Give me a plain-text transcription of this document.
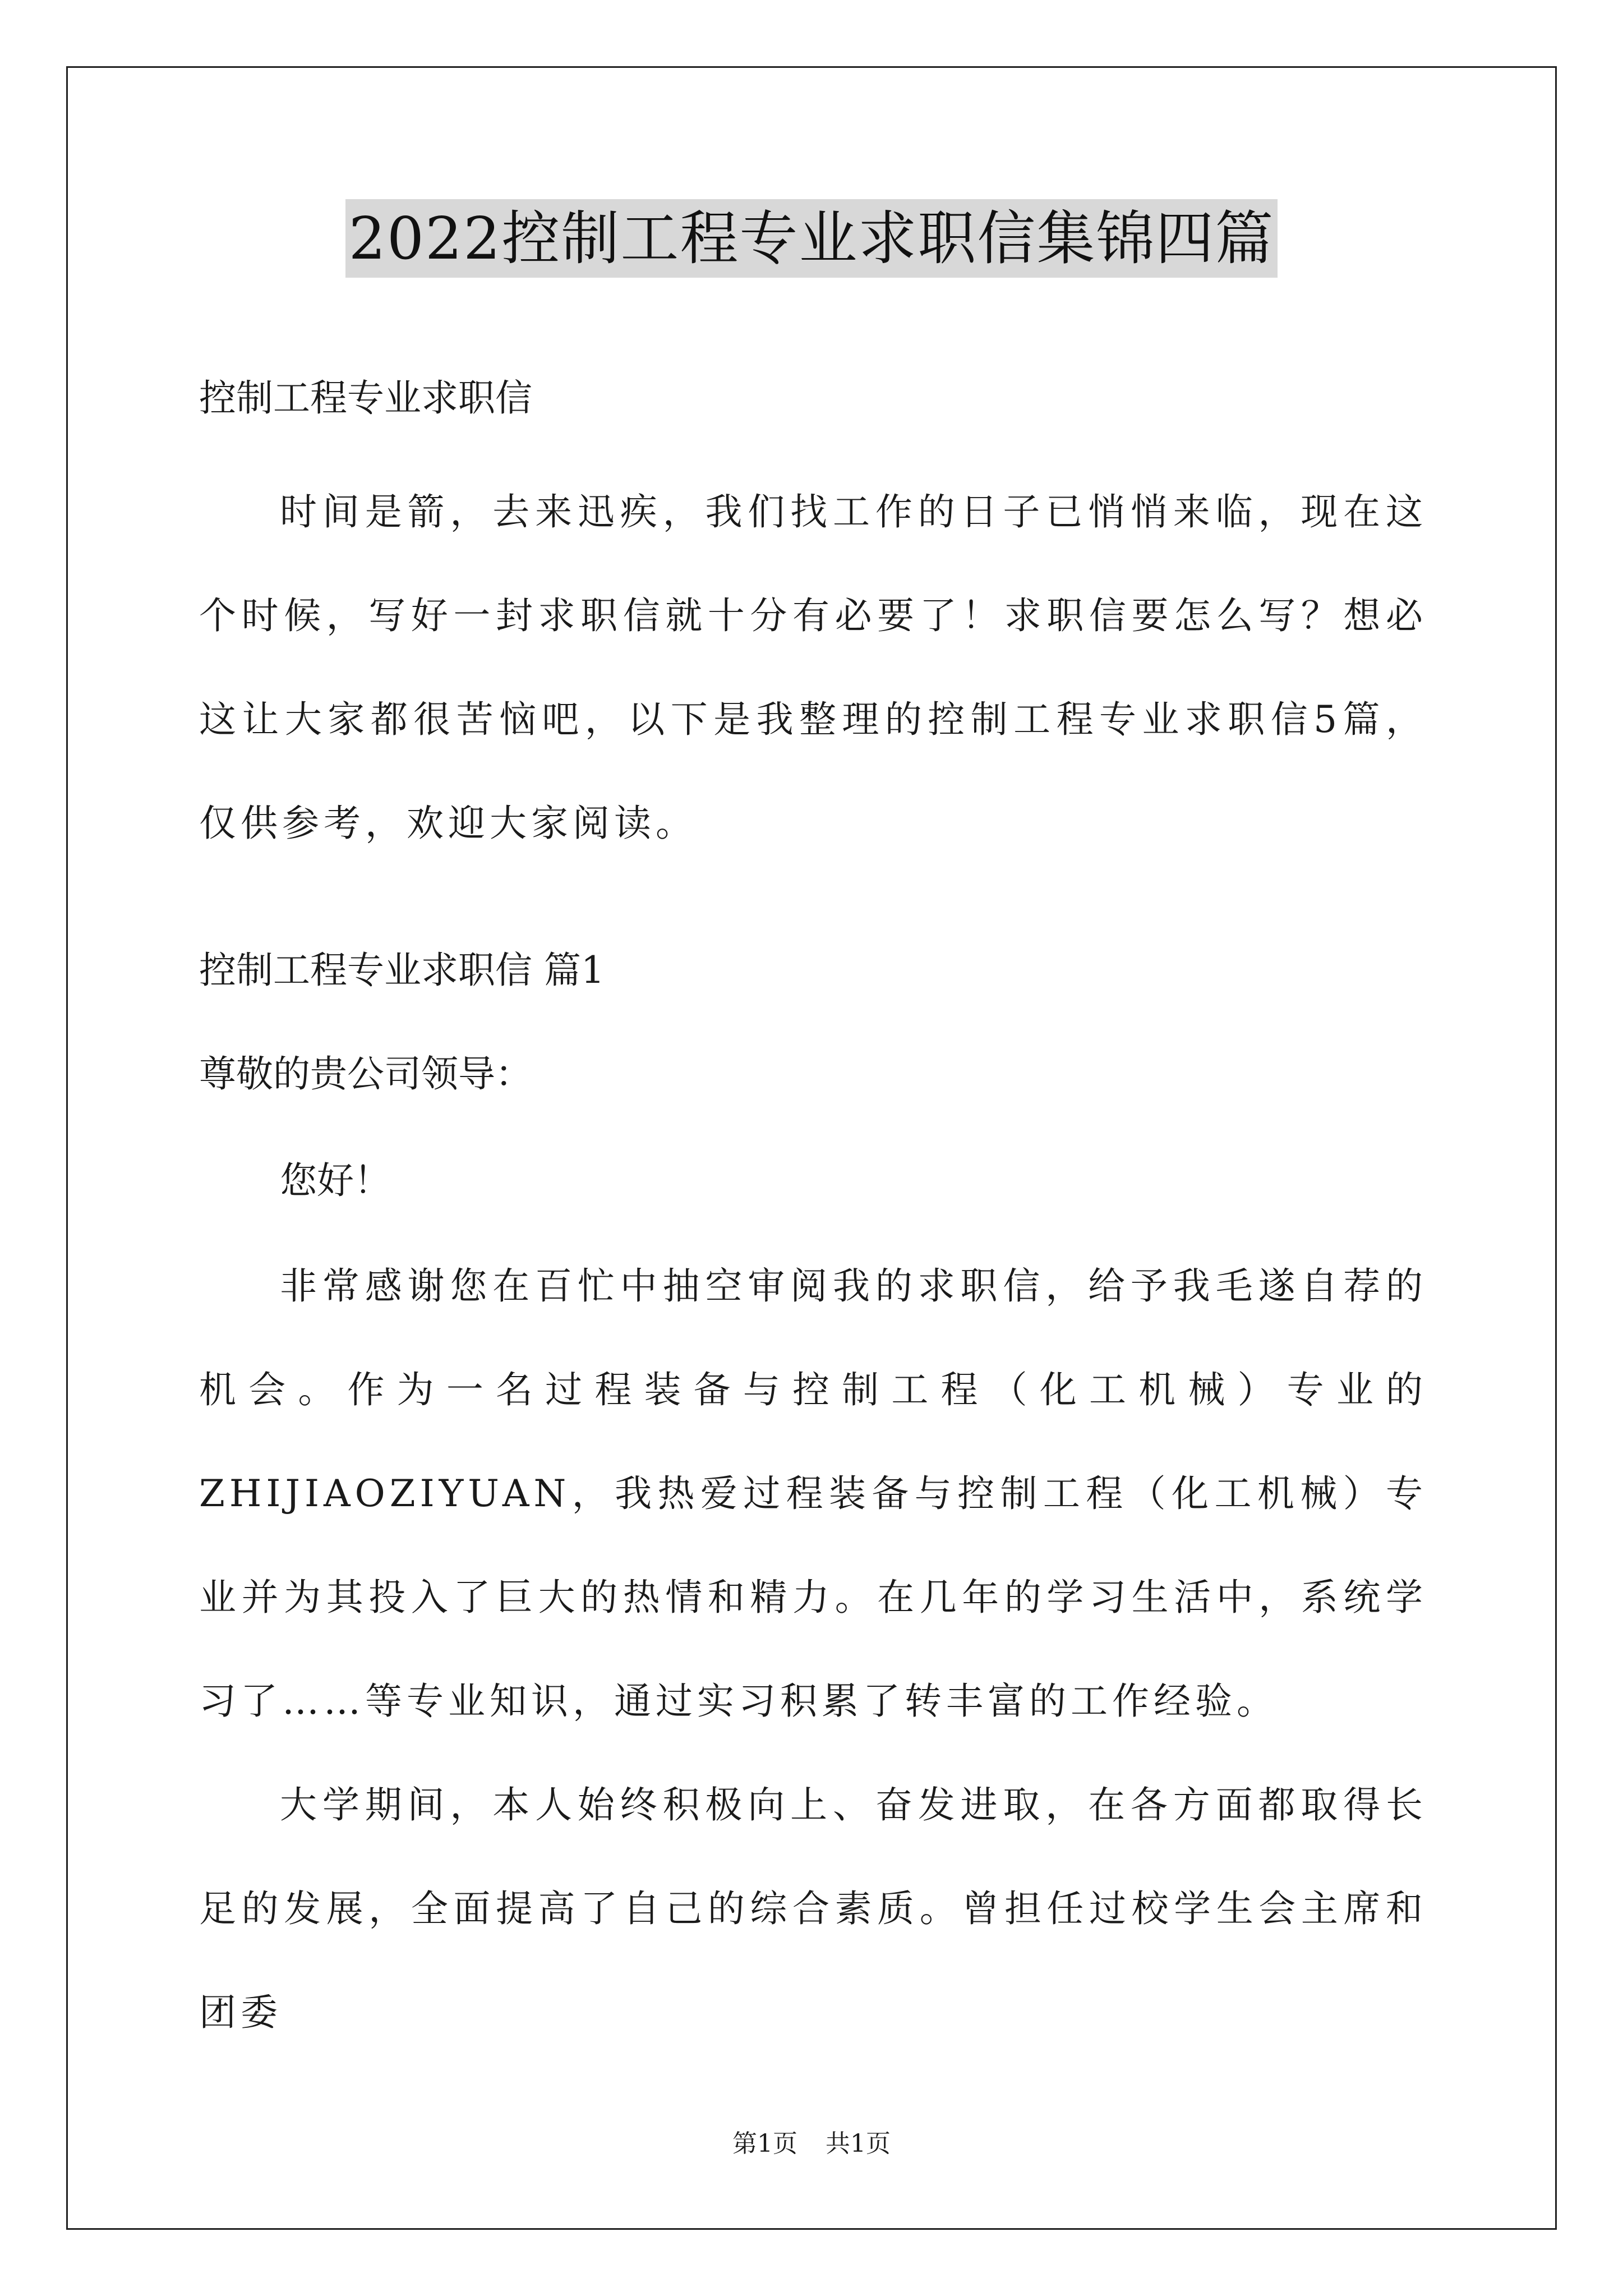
2022控制工程专业求职信集锦四篇

控制工程专业求职信

时间是箭，去来迅疾，我们找工作的日子已悄悄来临，现在这个时候，写好一封求职信就十分有必要了！求职信要怎么写？想必这让大家都很苦恼吧，以下是我整理的控制工程专业求职信5篇，仅供参考，欢迎大家阅读。

控制工程专业求职信 篇1

尊敬的贵公司领导：

您好！

非常感谢您在百忙中抽空审阅我的求职信，给予我毛遂自荐的机会。作为一名过程装备与控制工程（化工机械）专业的ZHIJIAOZIYUAN，我热爱过程装备与控制工程（化工机械）专业并为其投入了巨大的热情和精力。在几年的学习生活中，系统学习了……等专业知识，通过实习积累了转丰富的工作经验。

大学期间，本人始终积极向上、奋发进取，在各方面都取得长足的发展，全面提高了自己的综合素质。曾担任过校学生会主席和团委

第1页 共1页
